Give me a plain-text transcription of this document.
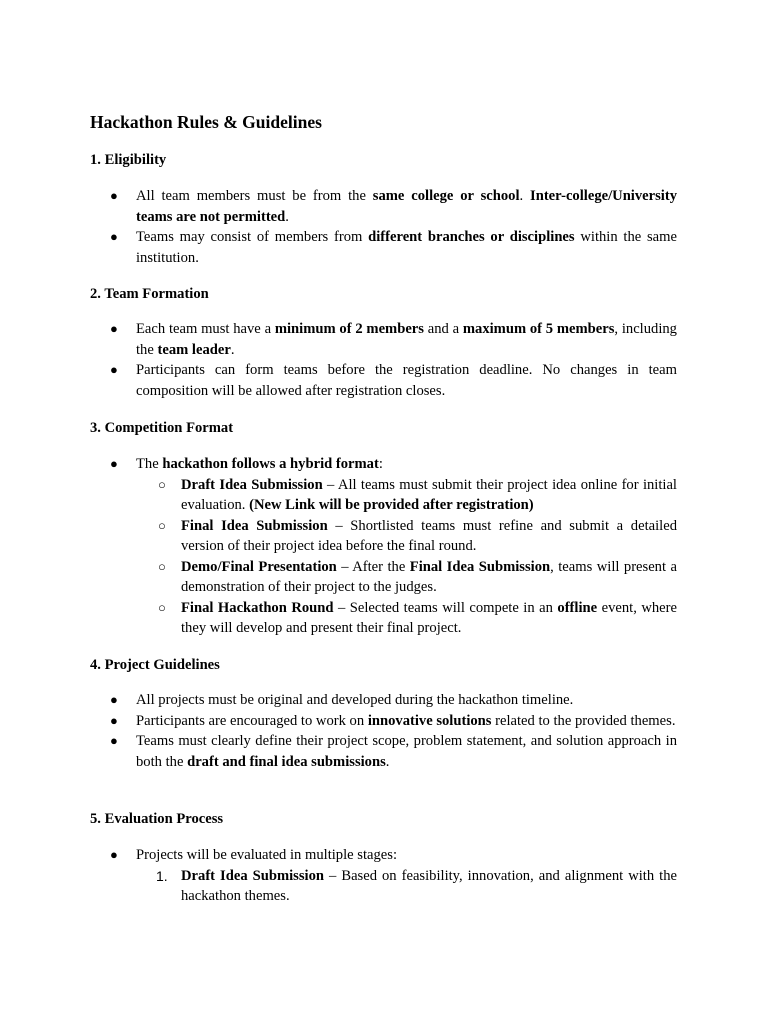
Hackathon Rules & Guidelines
1. Eligibility
● All team members must be from the same college or school. Inter-college/University teams are not permitted.
● Teams may consist of members from different branches or disciplines within the same institution.
2. Team Formation
● Each team must have a minimum of 2 members and a maximum of 5 members, including the team leader.
● Participants can form teams before the registration deadline. No changes in team composition will be allowed after registration closes.
3. Competition Format
● The hackathon follows a hybrid format:
○ Draft Idea Submission – All teams must submit their project idea online for initial evaluation. (New Link will be provided after registration)
○ Final Idea Submission – Shortlisted teams must refine and submit a detailed version of their project idea before the final round.
○ Demo/Final Presentation – After the Final Idea Submission, teams will present a demonstration of their project to the judges.
○ Final Hackathon Round – Selected teams will compete in an offline event, where they will develop and present their final project.
4. Project Guidelines
● All projects must be original and developed during the hackathon timeline.
● Participants are encouraged to work on innovative solutions related to the provided themes.
● Teams must clearly define their project scope, problem statement, and solution approach in both the draft and final idea submissions.
5. Evaluation Process
● Projects will be evaluated in multiple stages:
1. Draft Idea Submission – Based on feasibility, innovation, and alignment with the hackathon themes.
